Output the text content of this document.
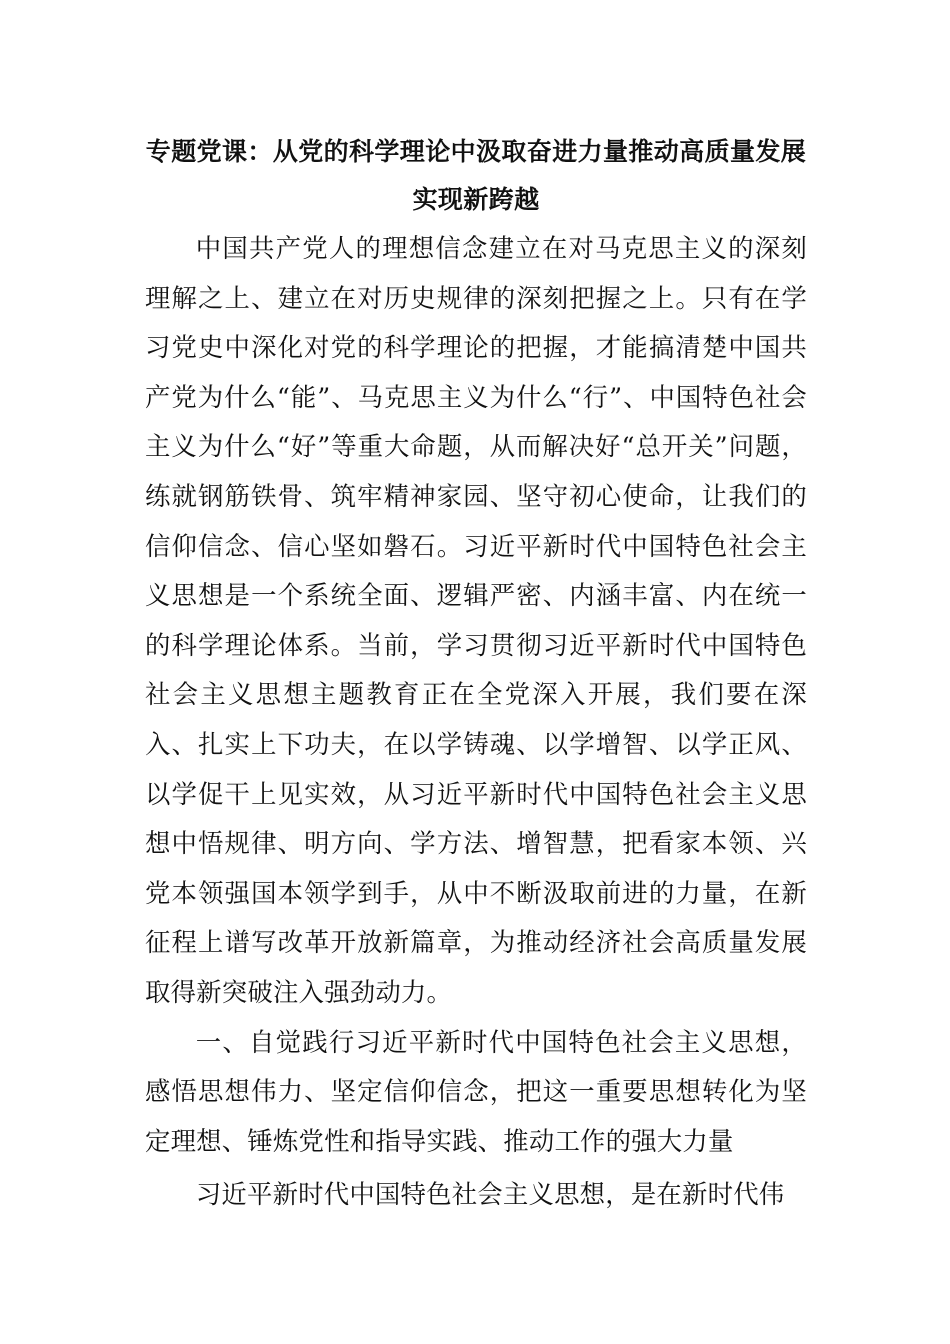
专题党课：从党的科学理论中汲取奋进力量推动高质量发展实现新跨越

中国共产党人的理想信念建立在对马克思主义的深刻理解之上、建立在对历史规律的深刻把握之上。只有在学习党史中深化对党的科学理论的把握，才能搞清楚中国共产党为什么“能”、马克思主义为什么“行”、中国特色社会主义为什么“好”等重大命题，从而解决好“总开关”问题，练就钢筋铁骨、筑牢精神家园、坚守初心使命，让我们的信仰信念、信心坚如磐石。习近平新时代中国特色社会主义思想是一个系统全面、逻辑严密、内涵丰富、内在统一的科学理论体系。当前，学习贯彻习近平新时代中国特色社会主义思想主题教育正在全党深入开展，我们要在深入、扎实上下功夫，在以学铸魂、以学增智、以学正风、以学促干上见实效，从习近平新时代中国特色社会主义思想中悟规律、明方向、学方法、增智慧，把看家本领、兴党本领强国本领学到手，从中不断汲取前进的力量，在新征程上谱写改革开放新篇章，为推动经济社会高质量发展取得新突破注入强劲动力。

一、自觉践行习近平新时代中国特色社会主义思想，感悟思想伟力、坚定信仰信念，把这一重要思想转化为坚定理想、锤炼党性和指导实践、推动工作的强大力量

习近平新时代中国特色社会主义思想，是在新时代伟
